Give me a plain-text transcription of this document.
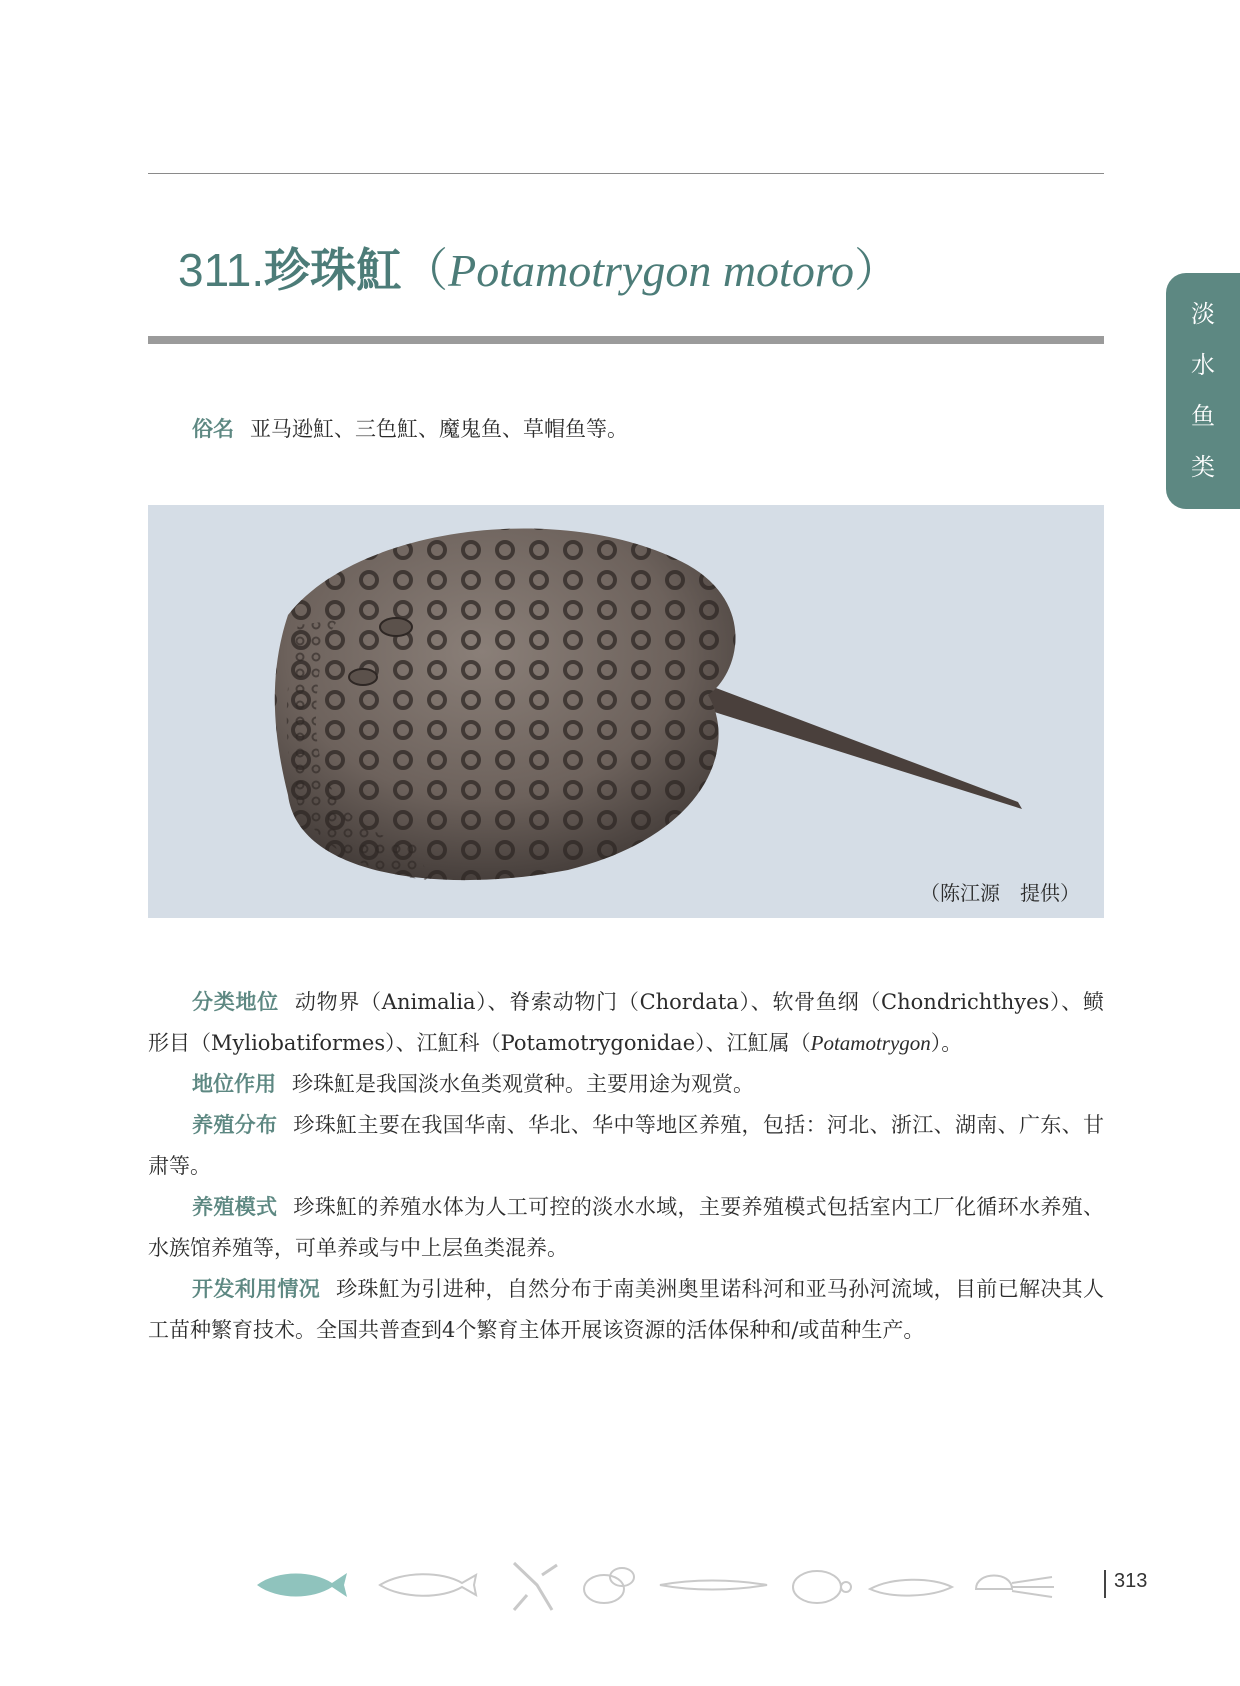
311.珍珠魟（Potamotrygon motoro）
淡
水
鱼
类

俗名 亚马逊魟、三色魟、魔鬼鱼、草帽鱼等。

（陈江源　提供）

分类地位 动物界（Animalia）、脊索动物门（Chordata）、软骨鱼纲（Chondrichthyes）、鲼形目（Myliobatiformes）、江魟科（Potamotrygonidae）、江魟属（Potamotrygon）。

地位作用 珍珠魟是我国淡水鱼类观赏种。主要用途为观赏。

养殖分布 珍珠魟主要在我国华南、华北、华中等地区养殖，包括：河北、浙江、湖南、广东、甘肃等。

养殖模式 珍珠魟的养殖水体为人工可控的淡水水域，主要养殖模式包括室内工厂化循环水养殖、水族馆养殖等，可单养或与中上层鱼类混养。

开发利用情况 珍珠魟为引进种，自然分布于南美洲奥里诺科河和亚马孙河流域，目前已解决其人工苗种繁育技术。全国共普查到4个繁育主体开展该资源的活体保种和/或苗种生产。

313
